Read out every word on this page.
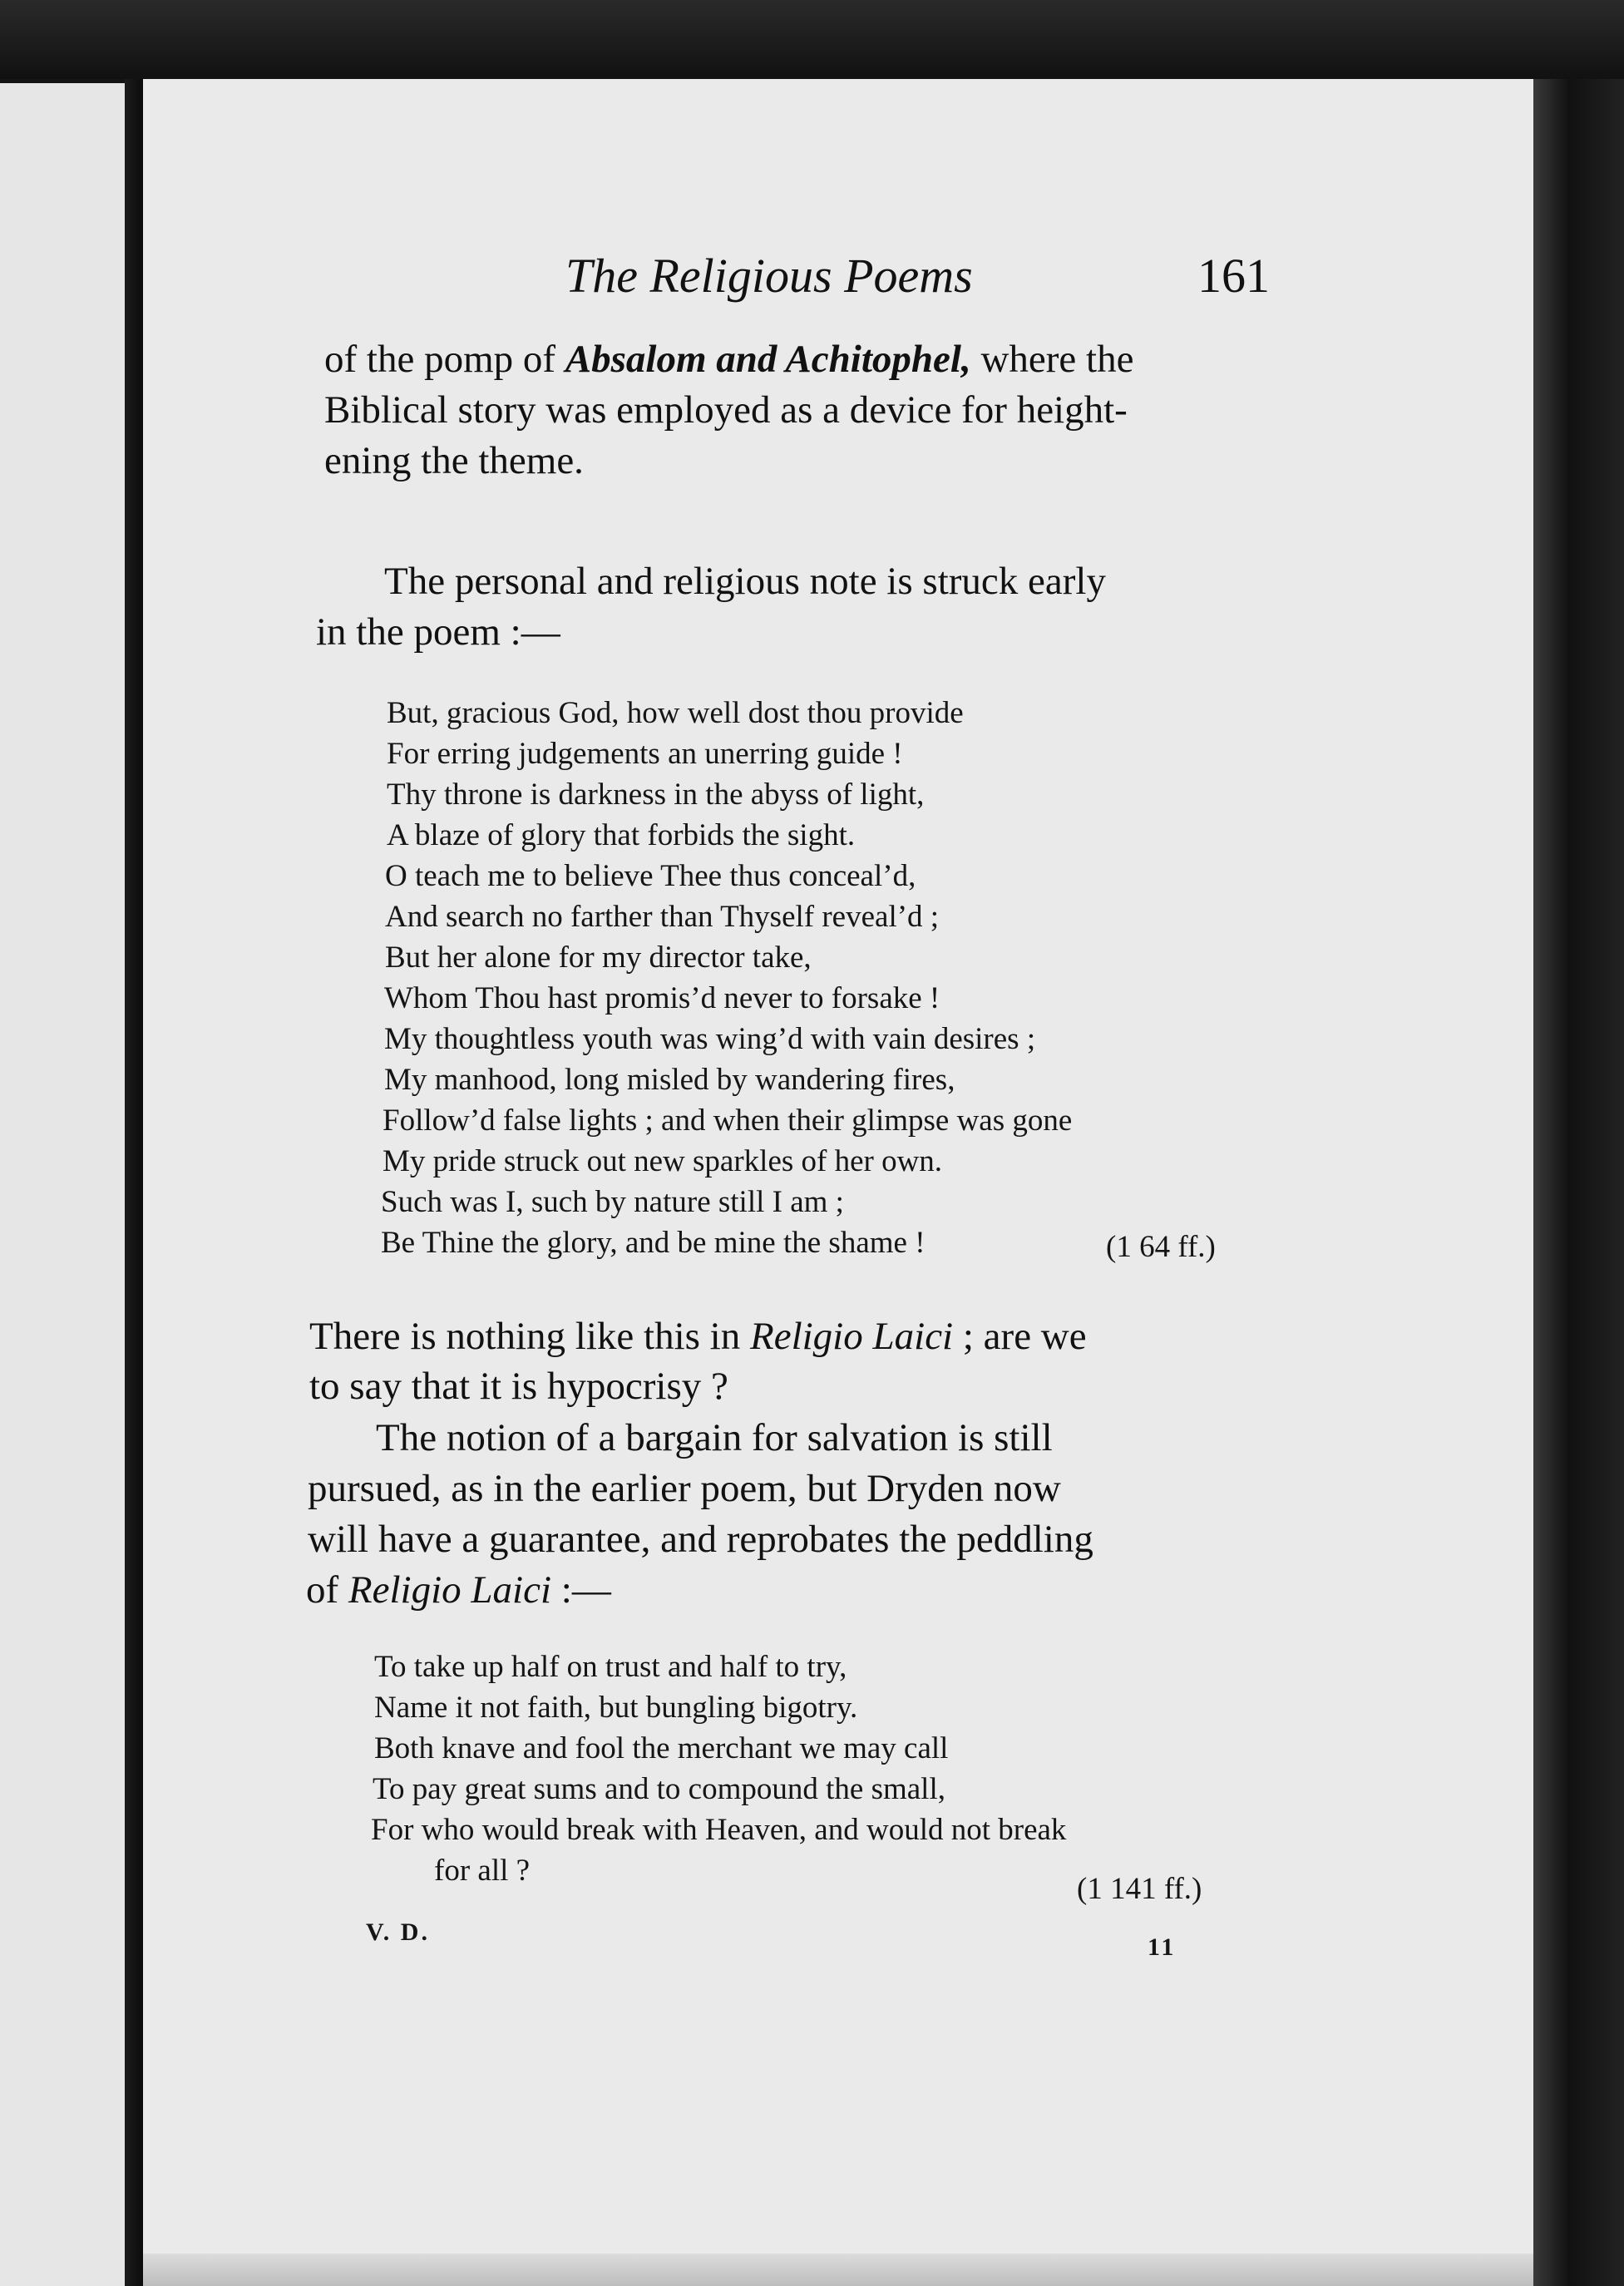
The Religious Poems	161
of the pomp of Absalom and Achitophel, where the
Biblical story was employed as a device for height-
ening the theme.
The personal and religious note is struck early
in the poem :—
But, gracious God, how well dost thou provide
For erring judgements an unerring guide !
Thy throne is darkness in the abyss of light,
A blaze of glory that forbids the sight.
O teach me to believe Thee thus conceal’d,
And search no farther than Thyself reveal’d ;
But her alone for my director take,
Whom Thou hast promis’d never to forsake !
My thoughtless youth was wing’d with vain desires ;
My manhood, long misled by wandering fires,
Follow’d false lights ; and when their glimpse was gone
My pride struck out new sparkles of her own.
Such was I, such by nature still I am ;
Be Thine the glory, and be mine the shame !	(1 64 ff.)
There is nothing like this in Religio Laici ; are we
to say that it is hypocrisy ?
The notion of a bargain for salvation is still
pursued, as in the earlier poem, but Dryden now
will have a guarantee, and reprobates the peddling
of Religio Laici :—
To take up half on trust and half to try,
Name it not faith, but bungling bigotry.
Both knave and fool the merchant we may call
To pay great sums and to compound the small,
For who would break with Heaven, and would not break
for all ?
(1 141 ff.)
V. D.
11
